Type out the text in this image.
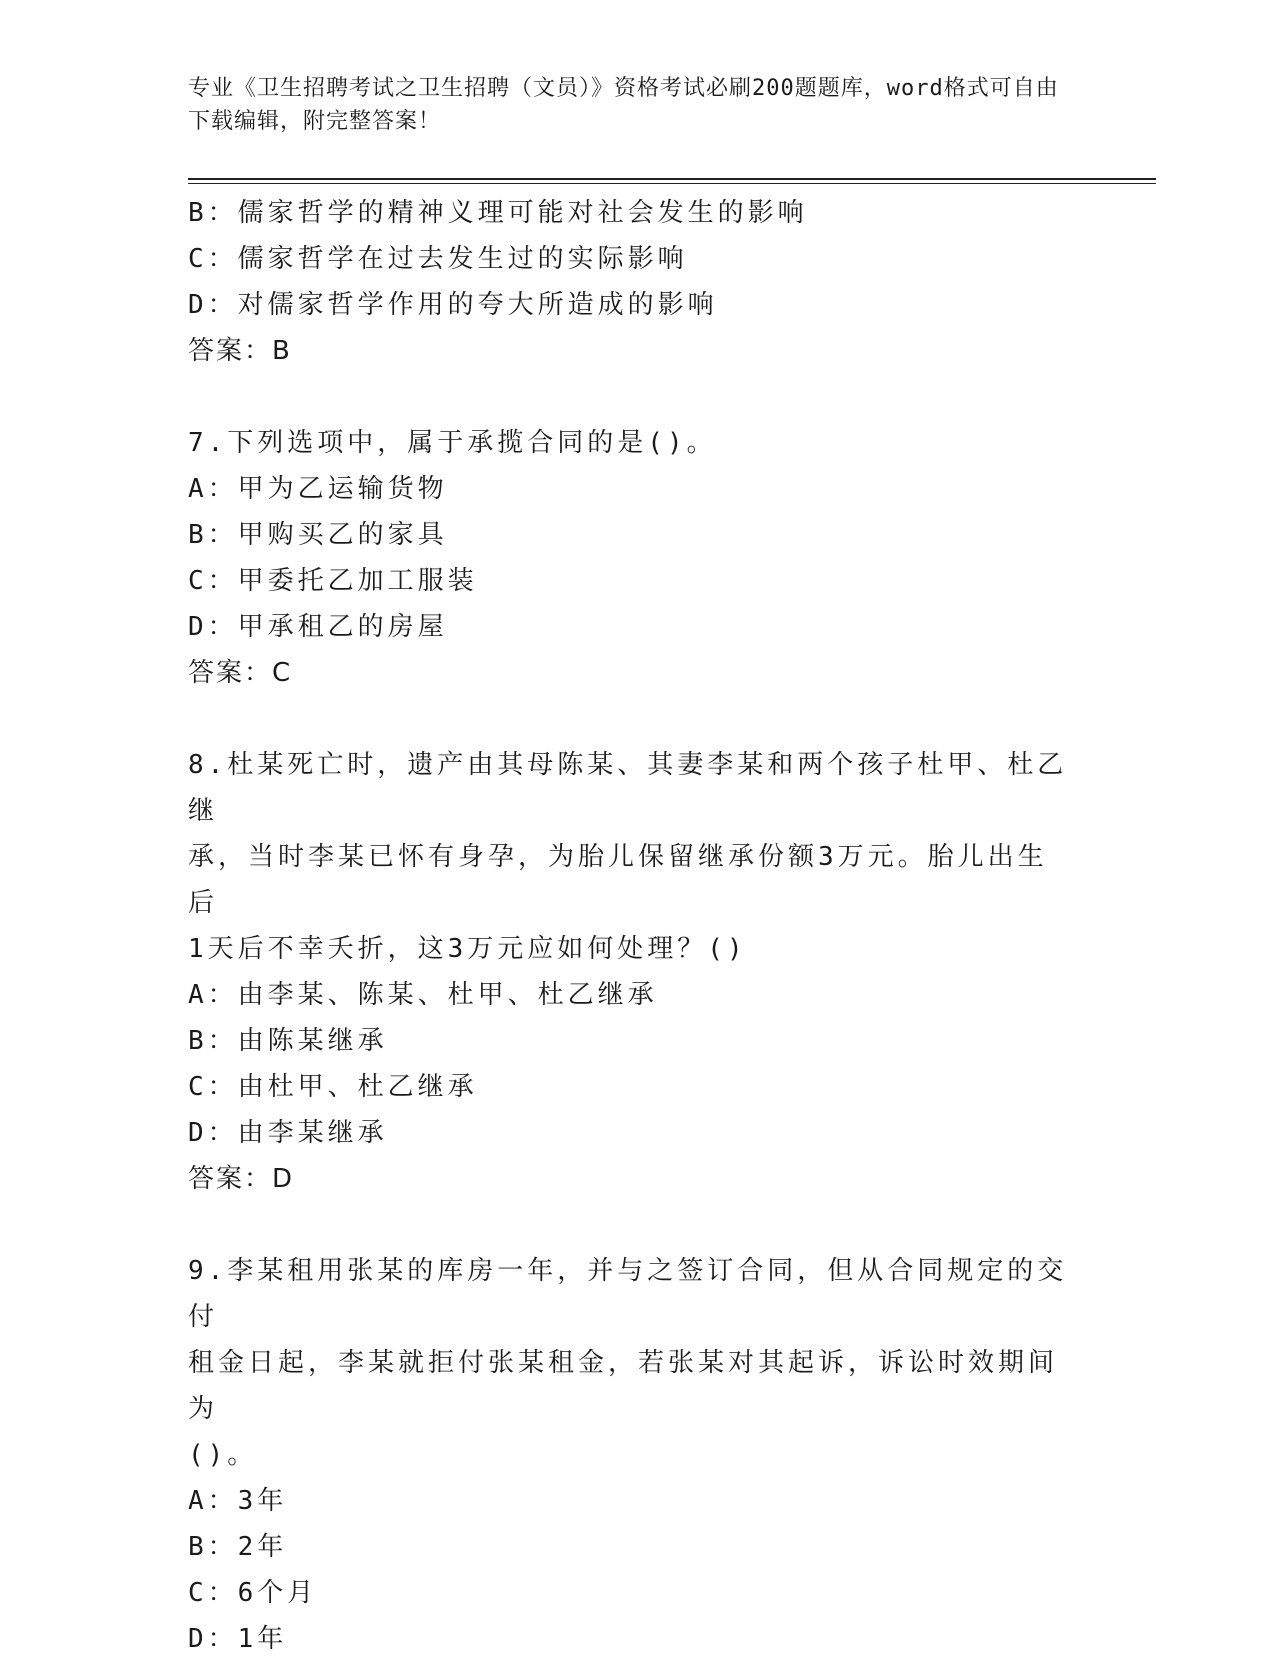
专业《卫生招聘考试之卫生招聘（文员）》资格考试必刷200题题库，word格式可自由下载编辑，附完整答案！

B：儒家哲学的精神义理可能对社会发生的影响

C：儒家哲学在过去发生过的实际影响

D：对儒家哲学作用的夸大所造成的影响

答案：B

7.下列选项中，属于承揽合同的是()。

A：甲为乙运输货物

B：甲购买乙的家具

C：甲委托乙加工服装

D：甲承租乙的房屋

答案：C

8.杜某死亡时，遗产由其母陈某、其妻李某和两个孩子杜甲、杜乙继

承，当时李某已怀有身孕，为胎儿保留继承份额3万元。胎儿出生后

1天后不幸夭折，这3万元应如何处理？()

A：由李某、陈某、杜甲、杜乙继承

B：由陈某继承

C：由杜甲、杜乙继承

D：由李某继承

答案：D

9.李某租用张某的库房一年，并与之签订合同，但从合同规定的交付

租金日起，李某就拒付张某租金，若张某对其起诉，诉讼时效期间为

()。

A：3年

B：2年

C：6个月

D：1年
